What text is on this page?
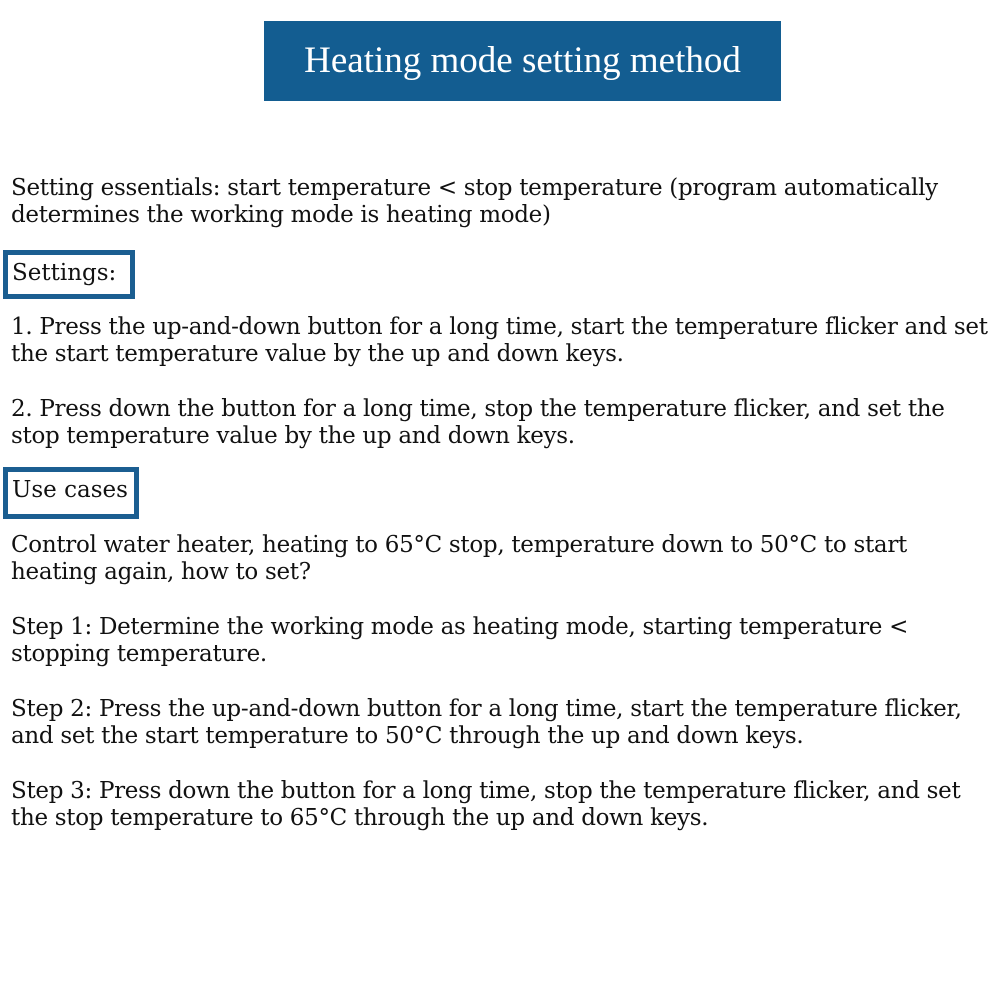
Heating mode setting method

Setting essentials: start temperature < stop temperature (program automatically determines the working mode is heating mode)

Settings:

1. Press the up-and-down button for a long time, start the temperature flicker and set the start temperature value by the up and down keys.

2. Press down the button for a long time, stop the temperature flicker, and set the stop temperature value by the up and down keys.

Use cases

Control water heater, heating to 65°C stop, temperature down to 50°C to start heating again, how to set?

Step 1: Determine the working mode as heating mode, starting temperature < stopping temperature.

Step 2: Press the up-and-down button for a long time, start the temperature flicker, and set the start temperature to 50°C through the up and down keys.

Step 3: Press down the button for a long time, stop the temperature flicker, and set the stop temperature to 65°C through the up and down keys.
